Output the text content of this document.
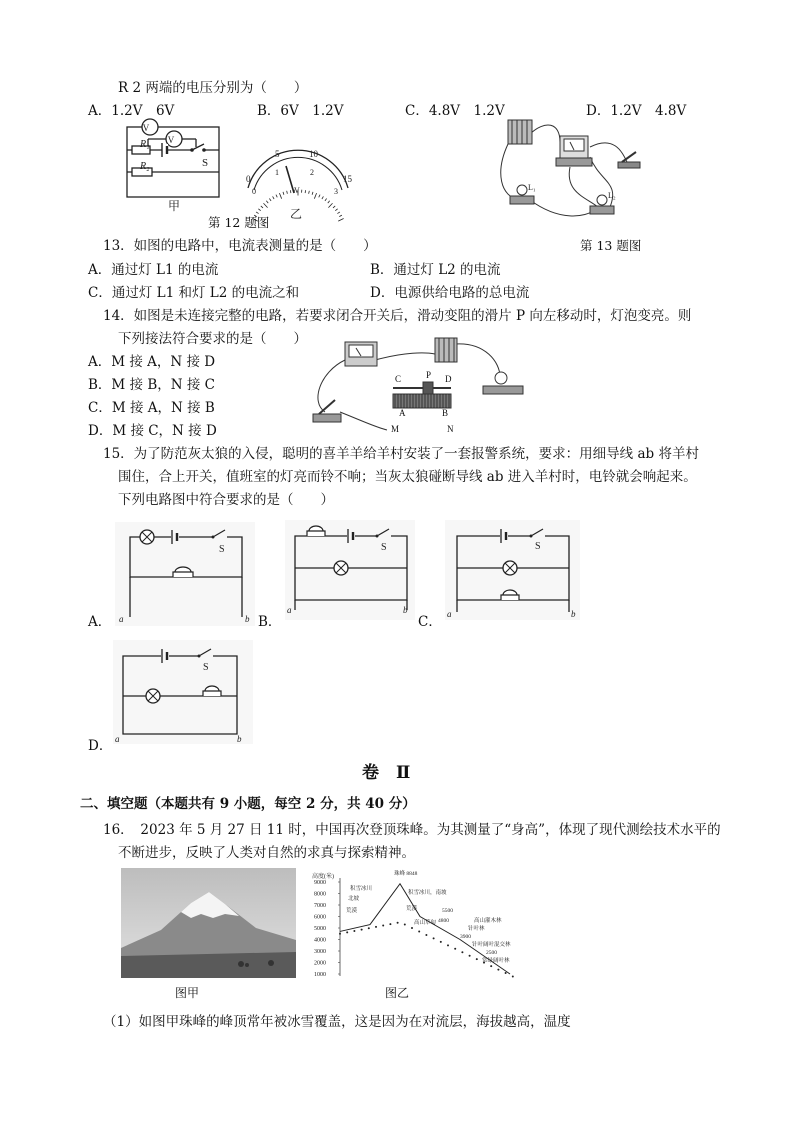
R 2 两端的电压分别为（　　）
A．1.2V　6V	B．6V　1.2V	C．4.8V　1.2V	D．1.2V　4.8V
V
V
R₁
R₂	S
甲
0
5	10
15
0
1	2
3
V
乙
第 12 题图
13．如图的电路中，电流表测量的是（　　）	第 13 题图
A．通过灯 L1 的电流	B．通过灯 L2 的电流
C．通过灯 L1 和灯 L2 的电流之和	D．电源供给电路的总电流
L₁
L₂
14．如图是未连接完整的电路，若要求闭合开关后，滑动变阻的滑片 P 向左移动时，灯泡变亮。则
下列接法符合要求的是（　　）
A．M 接 A，N 接 D
B．M 接 B，N 接 C
C．M 接 A，N 接 B
D．M 接 C，N 接 D
C	P D
A	B
M	N
15．为了防范灰太狼的入侵，聪明的喜羊羊给羊村安装了一套报警系统，要求：用细导线 ab 将羊村
围住，合上开关，值班室的灯亮而铃不响；当灰太狼碰断导线 ab 进入羊村时，电铃就会响起来。
下列电路图中符合要求的是（　　）
S
a	b
A．
S
a	b
B．
S
a	b
C．
S
a	b
D．
卷　Ⅱ
二、填空题（本题共有 9 小题，每空 2 分，共 40 分）
16．　2023 年 5 月 27 日 11 时，中国再次登顶珠峰。为其测量了“身高”，体现了现代测绘技术水平的
不断进步，反映了人类对自然的求真与探索精神。
图甲
高度(米)
9000
8000
7000
6000
5000
4000
3000
2000
1000
珠峰 8848
积雪冰川
北坡
积雪冰川，南坡
荒漠	荒漠	5500
高山草甸 4800	高山灌木林
3900
针叶林
针叶阔叶混交林
2500
常绿阔叶林
图乙
（1）如图甲珠峰的峰顶常年被冰雪覆盖，这是因为在对流层，海拔越高，温度
